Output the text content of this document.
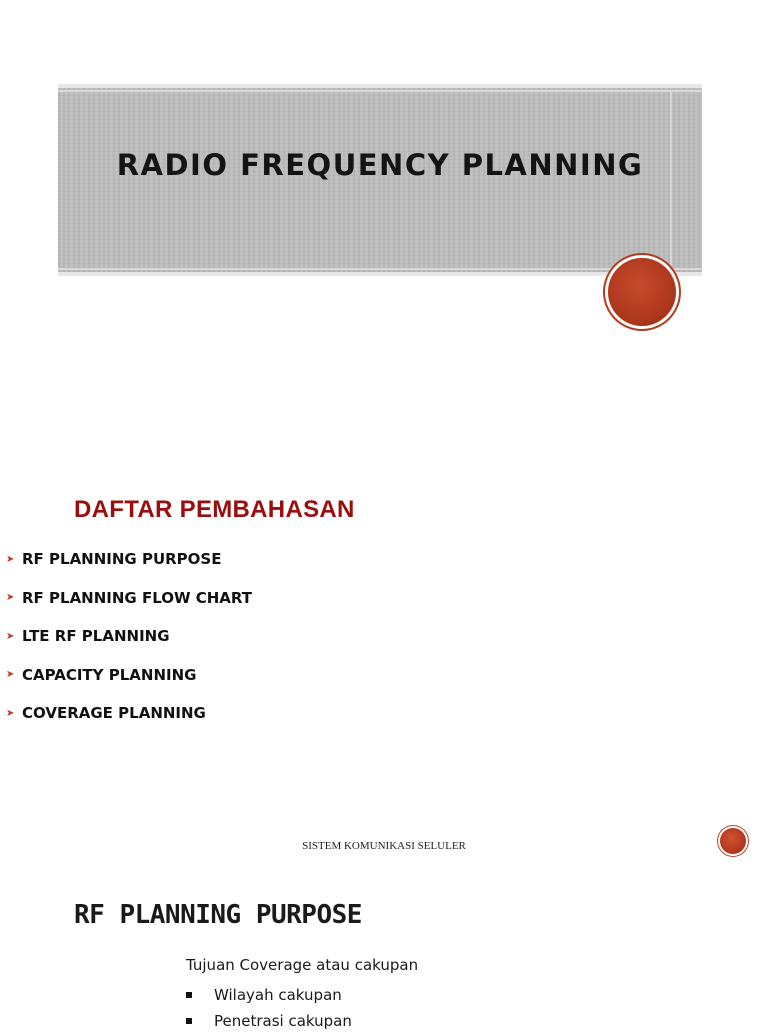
RADIO FREQUENCY PLANNING
DAFTAR PEMBAHASAN
➤ RF PLANNING PURPOSE
➤ RF PLANNING FLOW CHART
➤ LTE RF PLANNING
➤ CAPACITY PLANNING
➤ COVERAGE PLANNING
SISTEM KOMUNIKASI SELULER
RF PLANNING PURPOSE
Tujuan Coverage atau cakupan
Wilayah cakupan
Penetrasi cakupan
